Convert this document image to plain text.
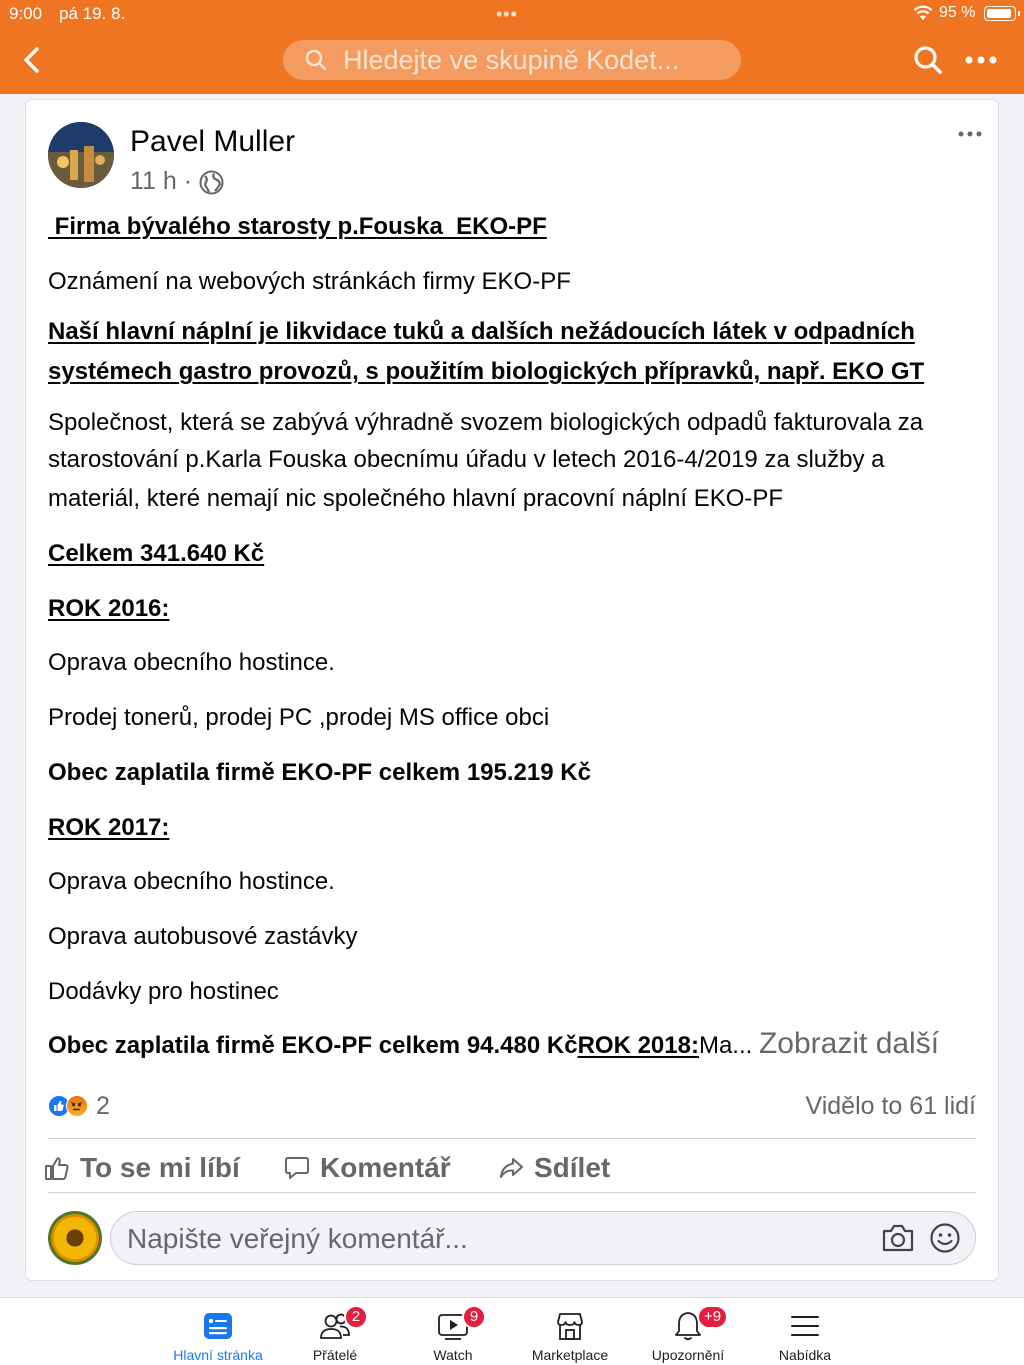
9:00 pá 19. 8.	•••	95 %
Hledejte ve skupině Kodet...
Pavel Muller
11 h ·
Firma bývalého starosty p.Fouska  EKO-PF
Oznámení na webových stránkách firmy EKO-PF
Naší hlavní náplní je likvidace tuků a dalších nežádoucích látek v odpadních
systémech gastro provozů, s použitím biologických přípravků, např. EKO GT
Společnost, která se zabývá výhradně svozem biologických odpadů fakturovala za
starostování p.Karla Fouska obecnímu úřadu v letech 2016-4/2019 za služby a
materiál, které nemají nic společného hlavní pracovní náplní EKO-PF
Celkem 341.640 Kč
ROK 2016:
Oprava obecního hostince.
Prodej tonerů, prodej PC ,prodej MS office obci
Obec zaplatila firmě EKO-PF celkem 195.219 Kč
ROK 2017:
Oprava obecního hostince.
Oprava autobusové zastávky
Dodávky pro hostinec
Obec zaplatila firmě EKO-PF celkem 94.480 KčROK 2018:Ma... Zobrazit další
2	Vidělo to 61 lidí
To se mi líbí	Komentář	Sdílet
Napište veřejný komentář...
Hlavní stránka
2
Přátelé
9
Watch	Marketplace
+9
Upozornění	Nabídka
